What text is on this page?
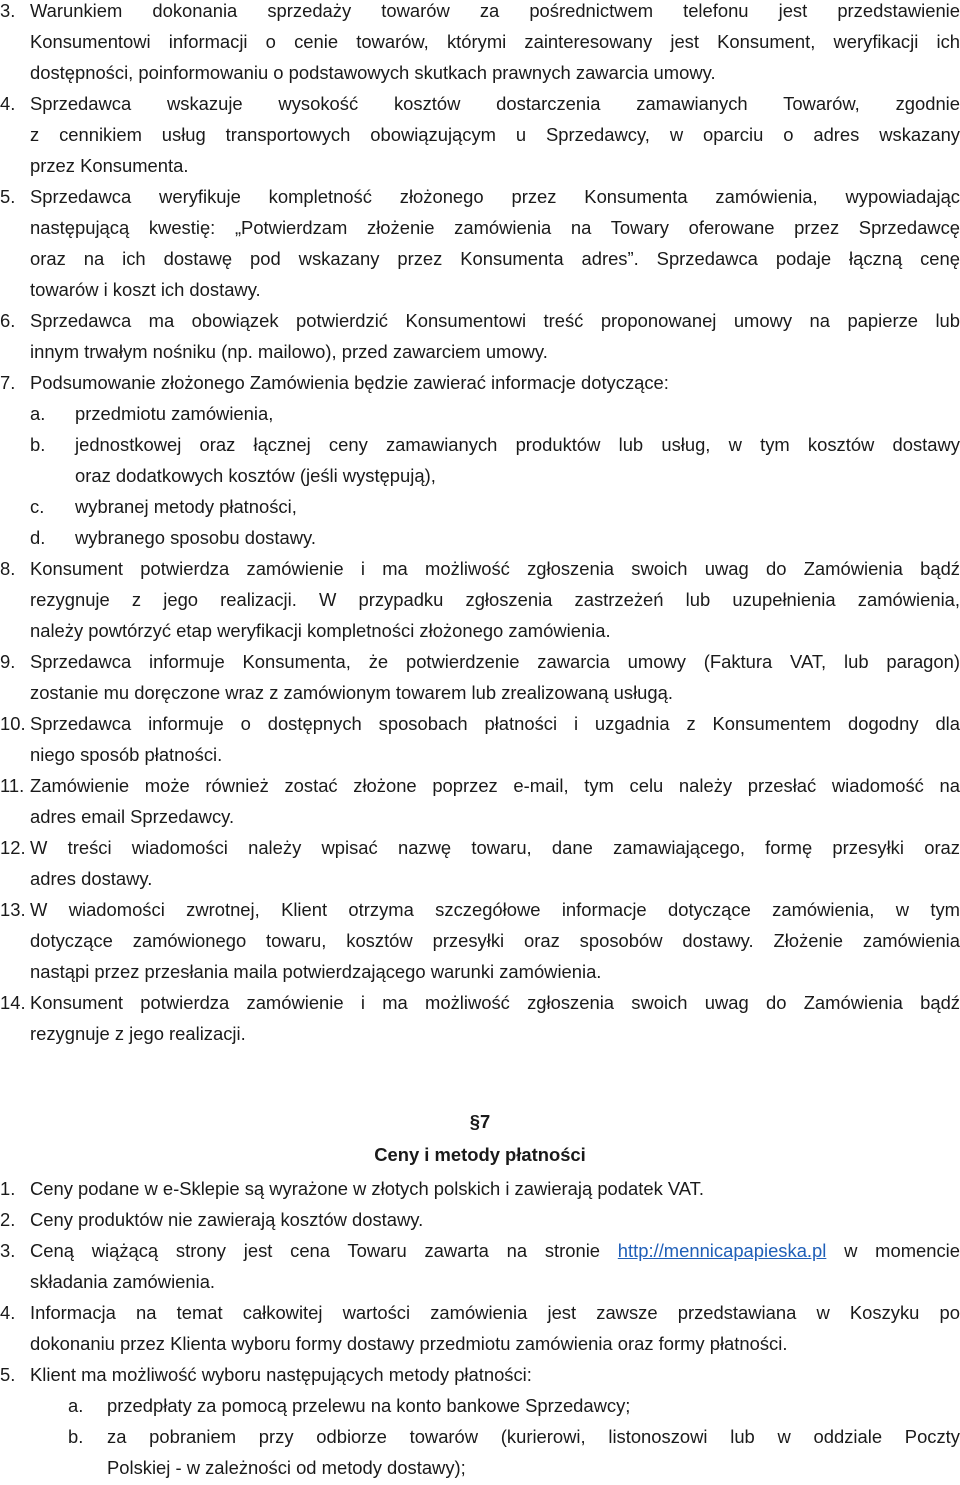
3. Warunkiem dokonania sprzedaży towarów za pośrednictwem telefonu jest przedstawienie
Konsumentowi informacji o cenie towarów, którymi zainteresowany jest Konsument, weryfikacji ich
dostępności, poinformowaniu o podstawowych skutkach prawnych zawarcia umowy.
4. Sprzedawca wskazuje wysokość kosztów dostarczenia zamawianych Towarów, zgodnie
z cennikiem usług transportowych obowiązującym u Sprzedawcy, w oparciu o adres wskazany
przez Konsumenta.
5. Sprzedawca weryfikuje kompletność złożonego przez Konsumenta zamówienia, wypowiadając
następującą kwestię: „Potwierdzam złożenie zamówienia na Towary oferowane przez Sprzedawcę
oraz na ich dostawę pod wskazany przez Konsumenta adres”. Sprzedawca podaje łączną cenę
towarów i koszt ich dostawy.
6. Sprzedawca ma obowiązek potwierdzić Konsumentowi treść proponowanej umowy na papierze lub
innym trwałym nośniku (np. mailowo), przed zawarciem umowy.
7. Podsumowanie złożonego Zamówienia będzie zawierać informacje dotyczące:
a. przedmiotu zamówienia,
b. jednostkowej oraz łącznej ceny zamawianych produktów lub usług, w tym kosztów dostawy
oraz dodatkowych kosztów (jeśli występują),
c. wybranej metody płatności,
d. wybranego sposobu dostawy.
8. Konsument potwierdza zamówienie i ma możliwość zgłoszenia swoich uwag do Zamówienia bądź
rezygnuje z jego realizacji. W przypadku zgłoszenia zastrzeżeń lub uzupełnienia zamówienia,
należy powtórzyć etap weryfikacji kompletności złożonego zamówienia.
9. Sprzedawca informuje Konsumenta, że potwierdzenie zawarcia umowy (Faktura VAT, lub paragon)
zostanie mu doręczone wraz z zamówionym towarem lub zrealizowaną usługą.
10. Sprzedawca informuje o dostępnych sposobach płatności i uzgadnia z Konsumentem dogodny dla
niego sposób płatności.
11. Zamówienie może również zostać złożone poprzez e-mail, tym celu należy przesłać wiadomość na
adres email Sprzedawcy.
12. W treści wiadomości należy wpisać nazwę towaru, dane zamawiającego, formę przesyłki oraz
adres dostawy.
13. W wiadomości zwrotnej, Klient otrzyma szczegółowe informacje dotyczące zamówienia, w tym
dotyczące zamówionego towaru, kosztów przesyłki oraz sposobów dostawy. Złożenie zamówienia
nastąpi przez przesłania maila potwierdzającego warunki zamówienia.
14. Konsument potwierdza zamówienie i ma możliwość zgłoszenia swoich uwag do Zamówienia bądź
rezygnuje z jego realizacji.
§7
Ceny i metody płatności
1. Ceny podane w e-Sklepie są wyrażone w złotych polskich i zawierają podatek VAT.
2. Ceny produktów nie zawierają kosztów dostawy.
3. Ceną wiążącą strony jest cena Towaru zawarta na stronie http://mennicapapieska.pl w momencie
składania zamówienia.
4. Informacja na temat całkowitej wartości zamówienia jest zawsze przedstawiana w Koszyku po
dokonaniu przez Klienta wyboru formy dostawy przedmiotu zamówienia oraz formy płatności.
5. Klient ma możliwość wyboru następujących metody płatności:
a. przedpłaty za pomocą przelewu na konto bankowe Sprzedawcy;
b. za pobraniem przy odbiorze towarów (kurierowi, listonoszowi lub w oddziale Poczty
Polskiej - w zależności od metody dostawy);
